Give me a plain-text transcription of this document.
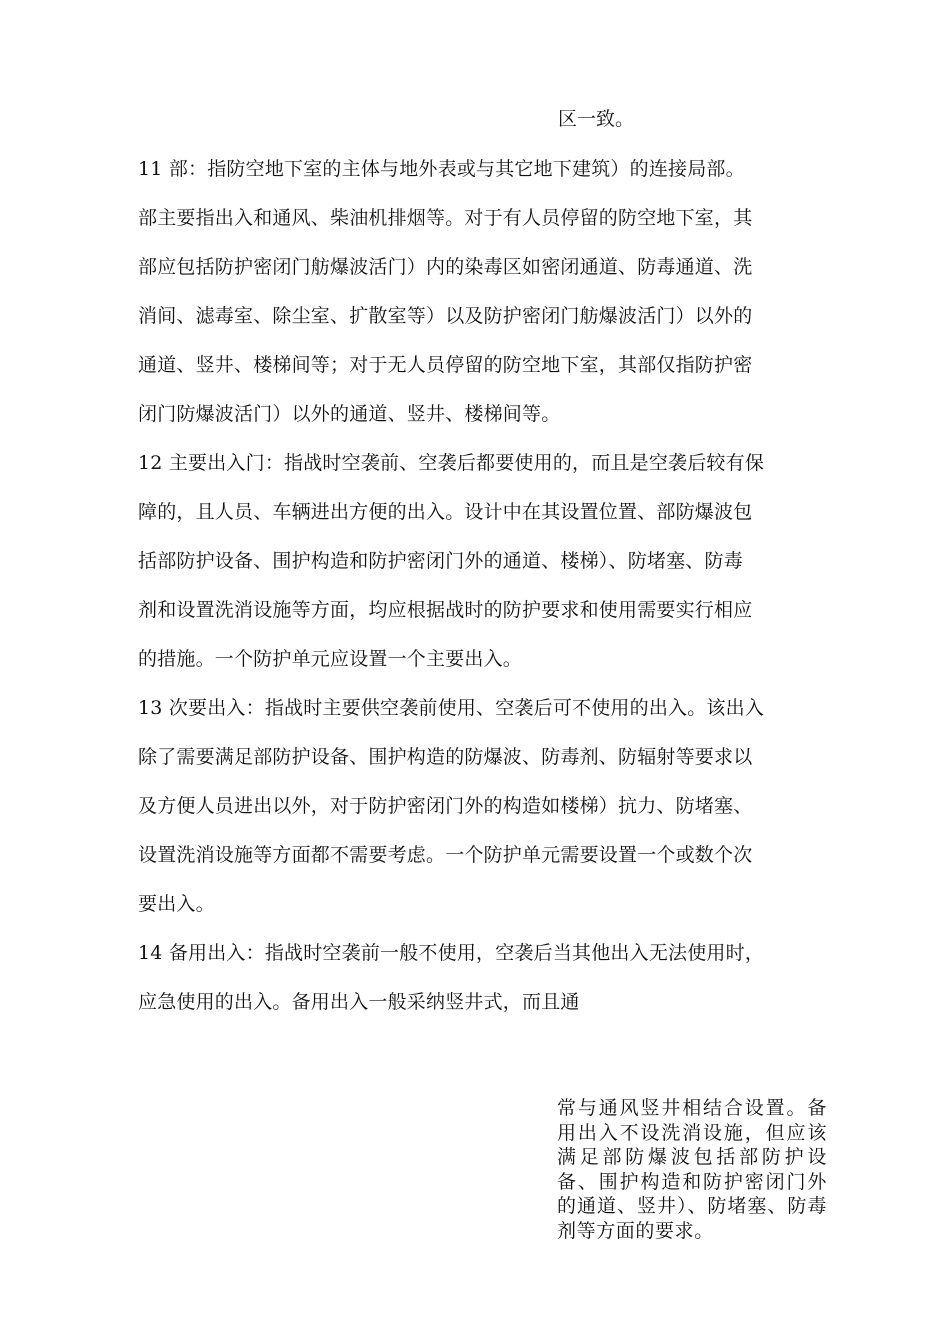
区一致。

11 部：指防空地下室的主体与地外表或与其它地下建筑）的连接局部。
部主要指出入和通风、柴油机排烟等。对于有人员停留的防空地下室，其
部应包括防护密闭门舫爆波活门）内的染毒区如密闭通道、防毒通道、洗
消间、滤毒室、除尘室、扩散室等）以及防护密闭门舫爆波活门）以外的
通道、竖井、楼梯间等；对于无人员停留的防空地下室，其部仅指防护密
闭门防爆波活门）以外的通道、竖井、楼梯间等。

12 主要出入门：指战时空袭前、空袭后都要使用的，而且是空袭后较有保
障的，且人员、车辆进出方便的出入。设计中在其设置位置、部防爆波包
括部防护设备、围护构造和防护密闭门外的通道、楼梯）、防堵塞、防毒
剂和设置洗消设施等方面，均应根据战时的防护要求和使用需要实行相应
的措施。一个防护单元应设置一个主要出入。

13 次要出入：指战时主要供空袭前使用、空袭后可不使用的出入。该出入
除了需要满足部防护设备、围护构造的防爆波、防毒剂、防辐射等要求以
及方便人员进出以外，对于防护密闭门外的构造如楼梯）抗力、防堵塞、
设置洗消设施等方面都不需要考虑。一个防护单元需要设置一个或数个次
要出入。

14 备用出入：指战时空袭前一般不使用，空袭后当其他出入无法使用时，
应急使用的出入。备用出入一般采纳竖井式，而且通

常与通风竖井相结合设置。备用出入不设洗消设施，但应该满足部防爆波包括部防护设备、围护构造和防护密闭门外的通道、竖井）、防堵塞、防毒剂等方面的要求。
